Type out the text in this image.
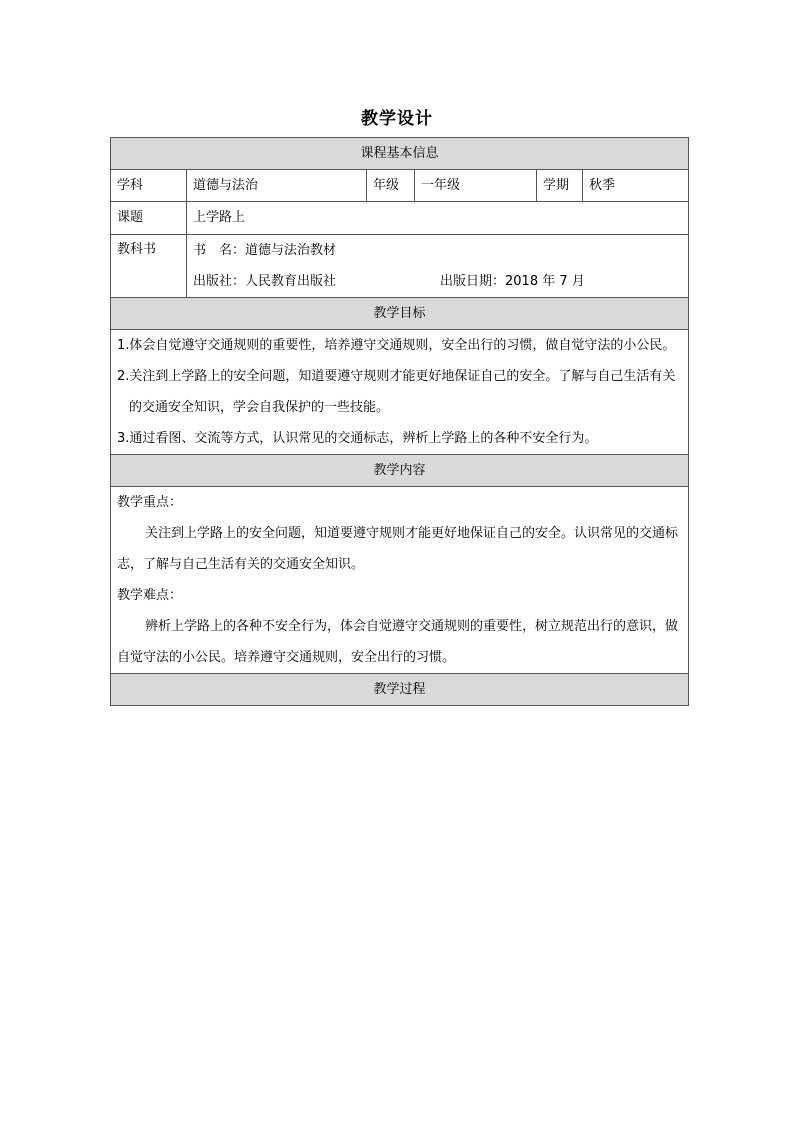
教学设计
课程基本信息					
学科	道德与法治	年级	一年级	学期	秋季
课题	上学路上				
教科书	书　名：道德与法治教材
出版社：人民教育出版社 出版日期：2018 年 7 月				

教学目标					

1.体会自觉遵守交通规则的重要性，培养遵守交通规则，安全出行的习惯，做自觉守法的小公民。
2.关注到上学路上的安全问题，知道要遵守规则才能更好地保证自己的安全。了解与自己生活有关的交通安全知识，学会自我保护的一些技能。
3.通过看图、交流等方式，认识常见的交通标志，辨析上学路上的各种不安全行为。					

教学内容					

教学重点：
关注到上学路上的安全问题，知道要遵守规则才能更好地保证自己的安全。认识常见的交通标志，了解与自己生活有关的交通安全知识。
教学难点：
辨析上学路上的各种不安全行为，体会自觉遵守交通规则的重要性，树立规范出行的意识，做自觉守法的小公民。培养遵守交通规则，安全出行的习惯。					

教学过程					
